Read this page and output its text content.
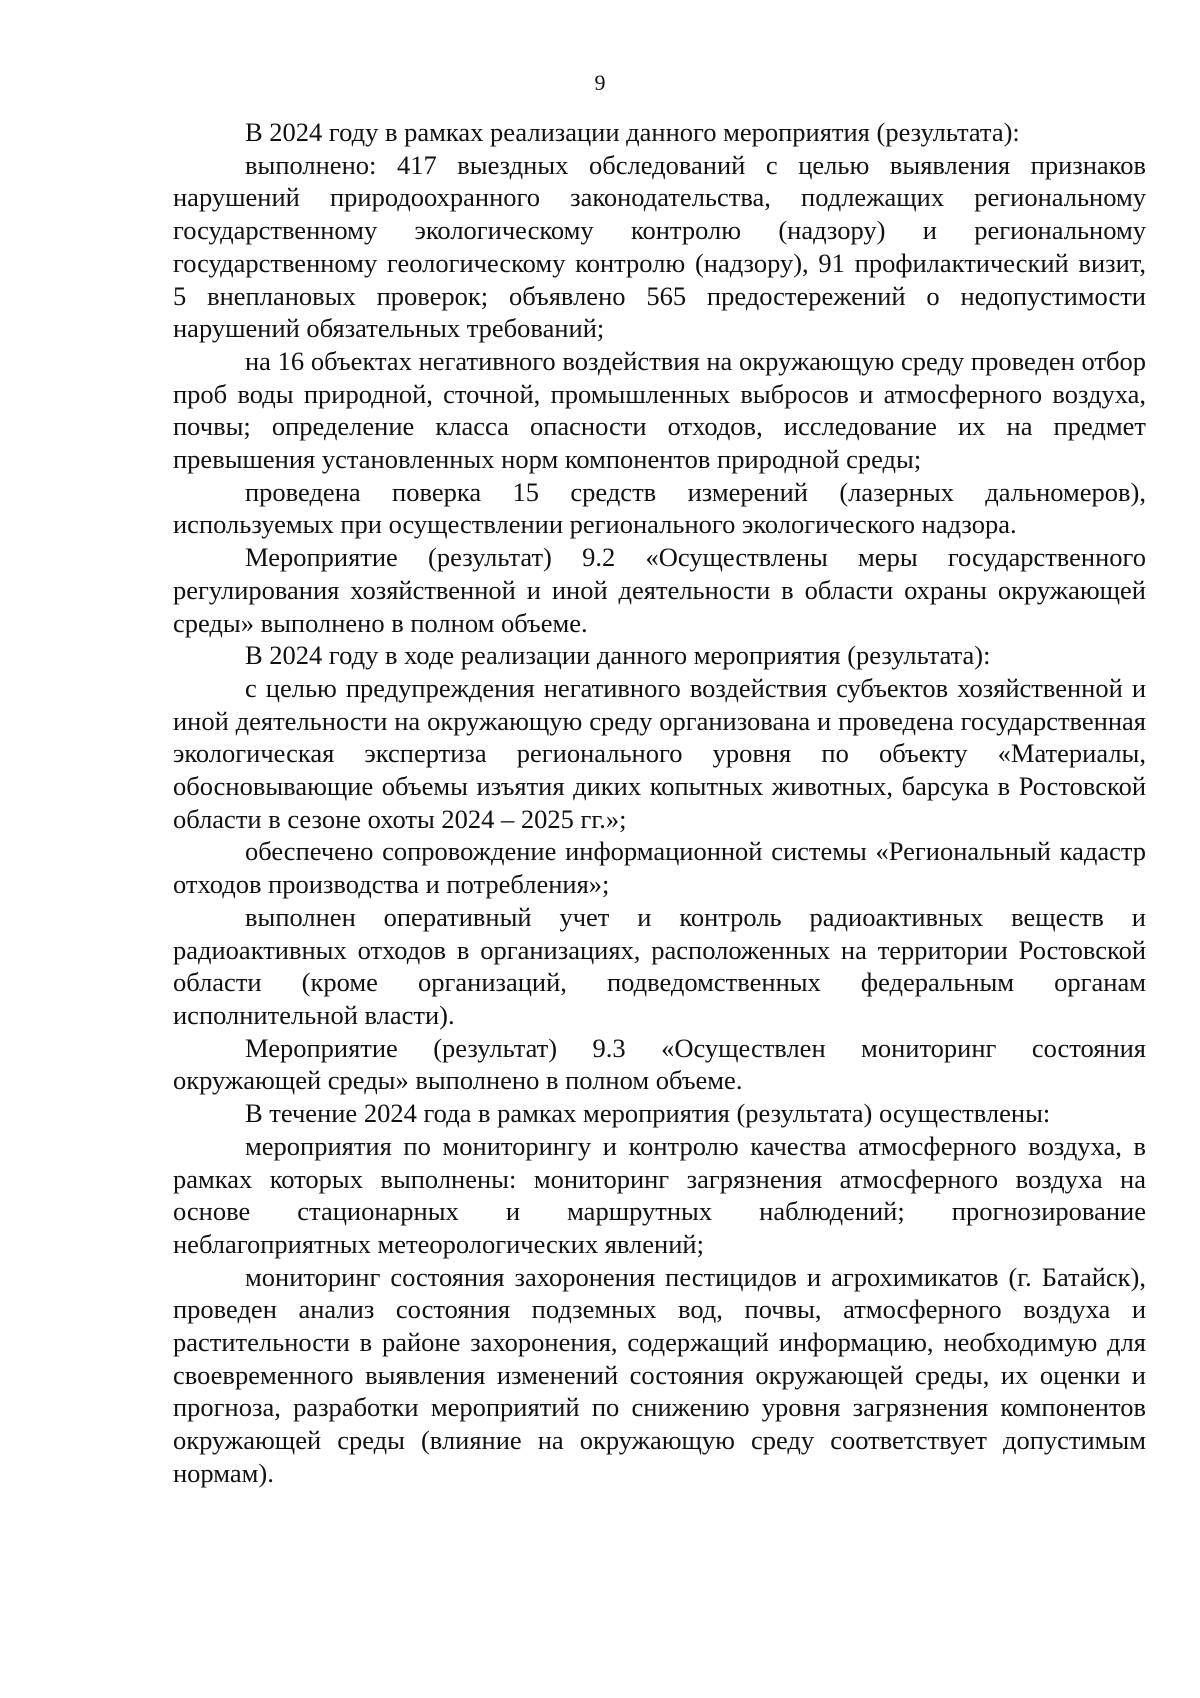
9

В 2024 году в рамках реализации данного мероприятия (результата):

выполнено: 417 выездных обследований с целью выявления признаков нарушений природоохранного законодательства, подлежащих региональному государственному экологическому контролю (надзору) и региональному государственному геологическому контролю (надзору), 91 профилактический визит, 5 внеплановых проверок; объявлено 565 предостережений о недопустимости нарушений обязательных требований;

на 16 объектах негативного воздействия на окружающую среду проведен отбор проб воды природной, сточной, промышленных выбросов и атмосферного воздуха, почвы; определение класса опасности отходов, исследование их на предмет превышения установленных норм компонентов природной среды;

проведена поверка 15 средств измерений (лазерных дальномеров), используемых при осуществлении регионального экологического надзора.

Мероприятие (результат) 9.2 «Осуществлены меры государственного регулирования хозяйственной и иной деятельности в области охраны окружающей среды» выполнено в полном объеме.

В 2024 году в ходе реализации данного мероприятия (результата):

с целью предупреждения негативного воздействия субъектов хозяйственной и иной деятельности на окружающую среду организована и проведена государственная экологическая экспертиза регионального уровня по объекту «Материалы, обосновывающие объемы изъятия диких копытных животных, барсука в Ростовской области в сезоне охоты 2024 – 2025 гг.»;

обеспечено сопровождение информационной системы «Региональный кадастр отходов производства и потребления»;

выполнен оперативный учет и контроль радиоактивных веществ и радиоактивных отходов в организациях, расположенных на территории Ростовской области (кроме организаций, подведомственных федеральным органам исполнительной власти).

Мероприятие (результат) 9.3 «Осуществлен мониторинг состояния окружающей среды» выполнено в полном объеме.

В течение 2024 года в рамках мероприятия (результата) осуществлены:

мероприятия по мониторингу и контролю качества атмосферного воздуха, в рамках которых выполнены: мониторинг загрязнения атмосферного воздуха на основе стационарных и маршрутных наблюдений; прогнозирование неблагоприятных метеорологических явлений;

мониторинг состояния захоронения пестицидов и агрохимикатов (г. Батайск), проведен анализ состояния подземных вод, почвы, атмосферного воздуха и растительности в районе захоронения, содержащий информацию, необходимую для своевременного выявления изменений состояния окружающей среды, их оценки и прогноза, разработки мероприятий по снижению уровня загрязнения компонентов окружающей среды (влияние на окружающую среду соответствует допустимым нормам).
